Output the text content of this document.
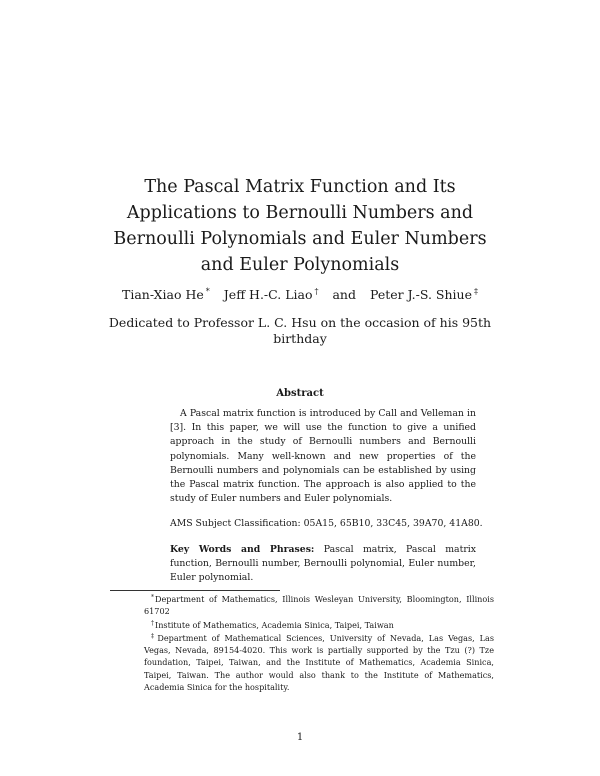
The Pascal Matrix Function and Its
Applications to Bernoulli Numbers and
Bernoulli Polynomials and Euler Numbers
and Euler Polynomials
Tian-Xiao He * Jeff H.-C. Liao † and Peter J.-S. Shiue ‡
Dedicated to Professor L. C. Hsu on the occasion of his 95th birthday
Abstract

A Pascal matrix function is introduced by Call and Velleman in [3]. In this paper, we will use the function to give a unified approach in the study of Bernoulli numbers and Bernoulli polynomials. Many well-known and new properties of the Bernoulli numbers and polynomials can be established by using the Pascal matrix function. The approach is also applied to the study of Euler numbers and Euler polynomials.

AMS Subject Classification: 05A15, 65B10, 33C45, 39A70, 41A80.
Key Words and Phrases: Pascal matrix, Pascal matrix function, Bernoulli number, Bernoulli polynomial, Euler number, Euler polynomial.

*Department of Mathematics, Illinois Wesleyan University, Bloomington, Illinois 61702

†Institute of Mathematics, Academia Sinica, Taipei, Taiwan

‡Department of Mathematical Sciences, University of Nevada, Las Vegas, Las Vegas, Nevada, 89154-4020. This work is partially supported by the Tzu (?) Tze foundation, Taipei, Taiwan, and the Institute of Mathematics, Academia Sinica, Taipei, Taiwan. The author would also thank to the Institute of Mathematics, Academia Sinica for the hospitality.

1
